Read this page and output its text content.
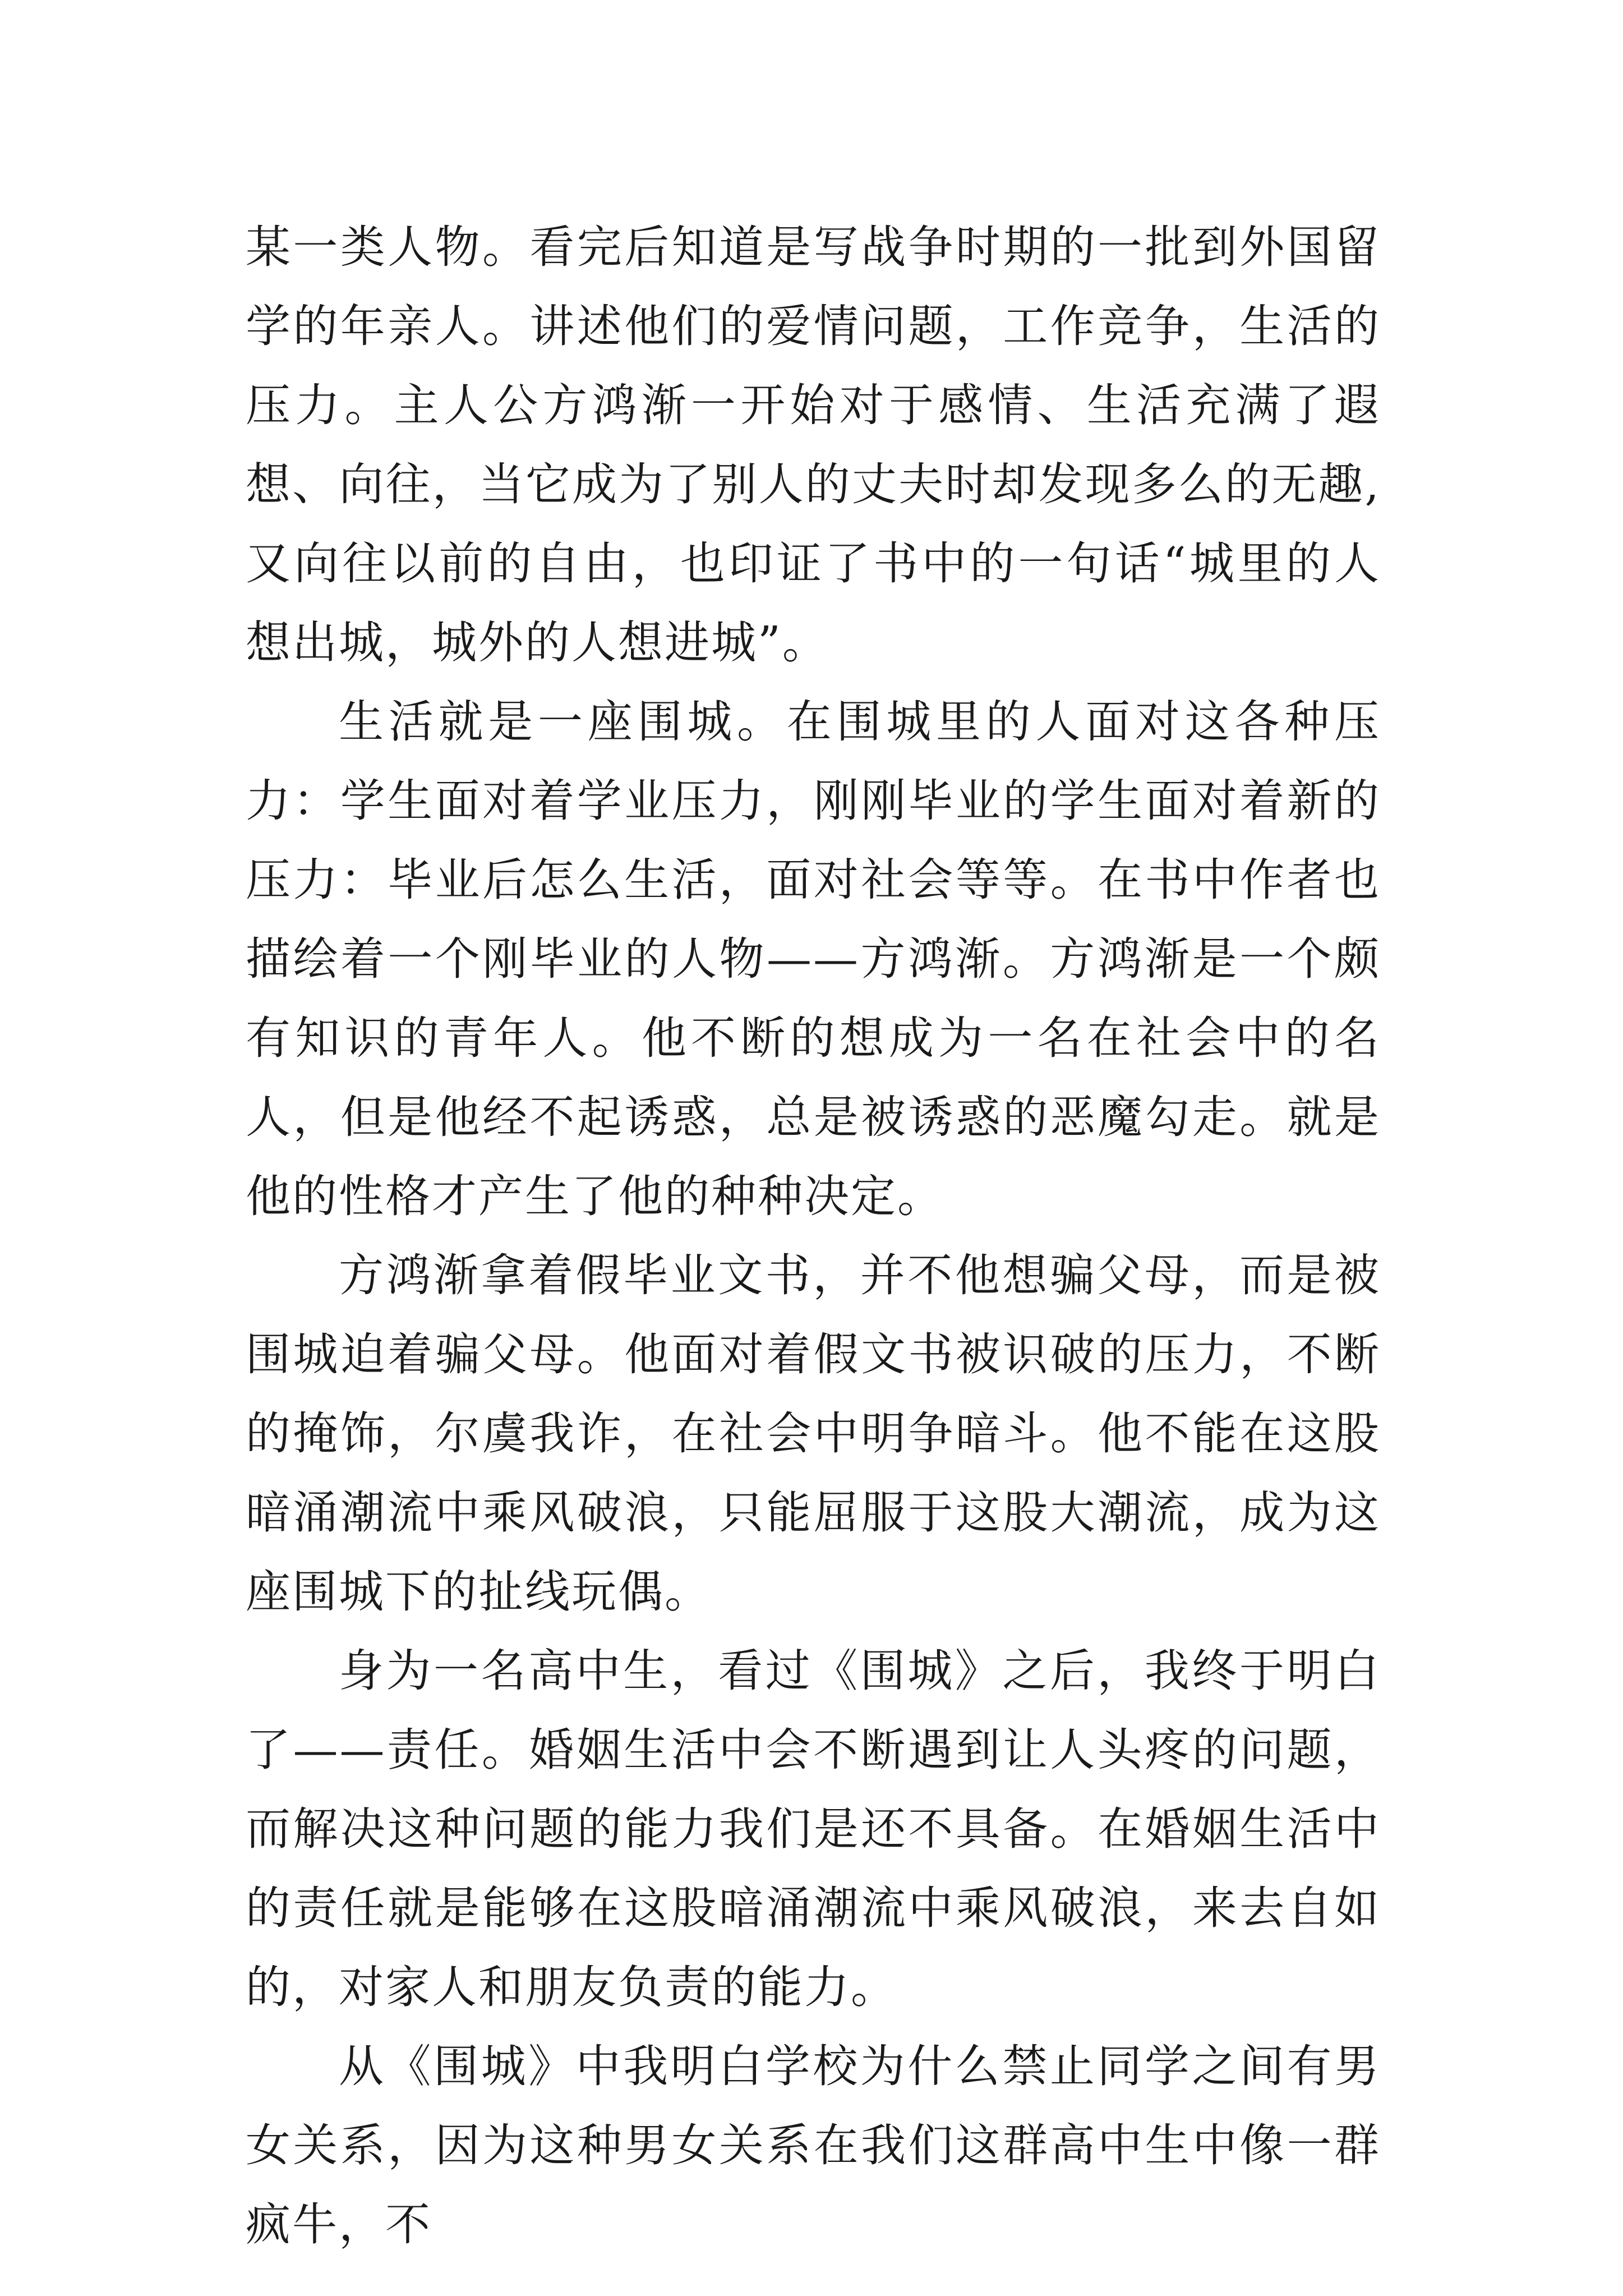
某一类人物。看完后知道是写战争时期的一批到外国留学的年亲人。讲述他们的爱情问题，工作竞争，生活的压力。主人公方鸿渐一开始对于感情、生活充满了遐想、向往，当它成为了别人的丈夫时却发现多么的无趣,又向往以前的自由，也印证了书中的一句话“城里的人想出城，城外的人想进城”。

生活就是一座围城。在围城里的人面对这各种压力：学生面对着学业压力，刚刚毕业的学生面对着新的压力：毕业后怎么生活，面对社会等等。在书中作者也描绘着一个刚毕业的人物——方鸿渐。方鸿渐是一个颇有知识的青年人。他不断的想成为一名在社会中的名人，但是他经不起诱惑，总是被诱惑的恶魔勾走。就是他的性格才产生了他的种种决定。

方鸿渐拿着假毕业文书，并不他想骗父母，而是被围城迫着骗父母。他面对着假文书被识破的压力，不断的掩饰，尔虞我诈，在社会中明争暗斗。他不能在这股暗涌潮流中乘风破浪，只能屈服于这股大潮流，成为这座围城下的扯线玩偶。

身为一名高中生，看过《围城》之后，我终于明白了——责任。婚姻生活中会不断遇到让人头疼的问题，而解决这种问题的能力我们是还不具备。在婚姻生活中的责任就是能够在这股暗涌潮流中乘风破浪，来去自如的，对家人和朋友负责的能力。

从《围城》中我明白学校为什么禁止同学之间有男女关系，因为这种男女关系在我们这群高中生中像一群疯牛，不
